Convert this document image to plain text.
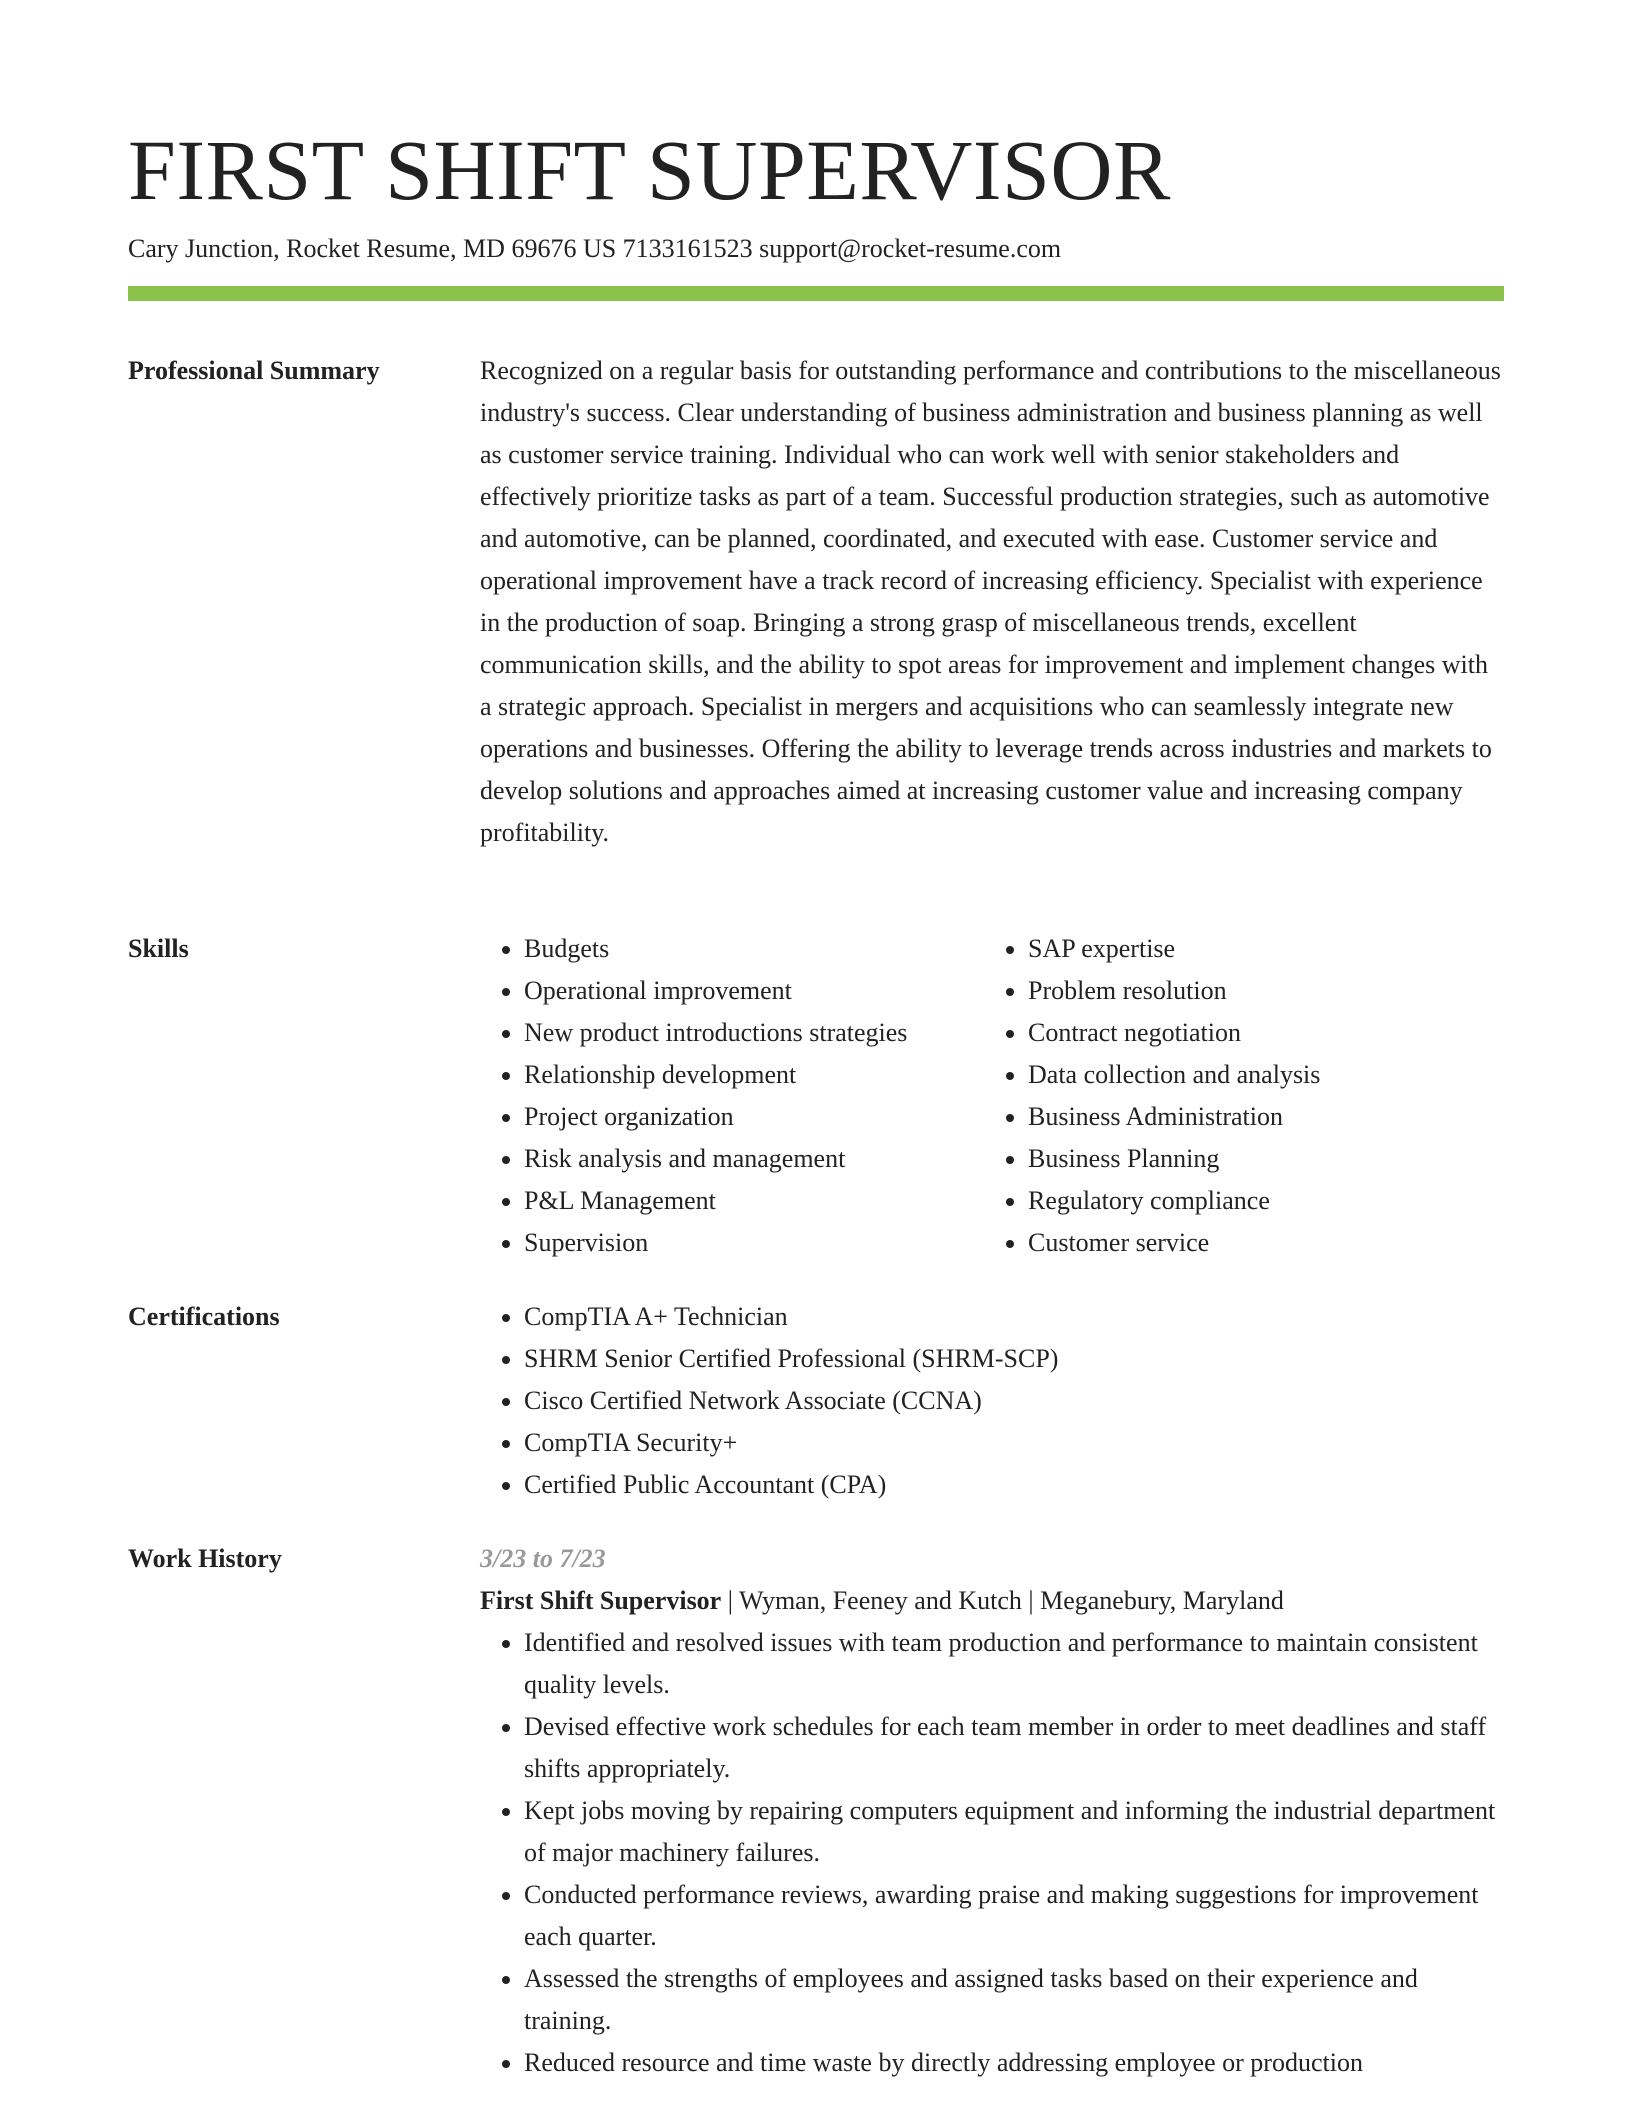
FIRST SHIFT SUPERVISOR
Cary Junction, Rocket Resume, MD 69676 US 7133161523 support@rocket-resume.com
Professional Summary	Recognized on a regular basis for outstanding performance and contributions to the miscellaneous industry's success. Clear understanding of business administration and business planning as well as customer service training. Individual who can work well with senior stakeholders and effectively prioritize tasks as part of a team. Successful production strategies, such as automotive and automotive, can be planned, coordinated, and executed with ease. Customer service and operational improvement have a track record of increasing efficiency. Specialist with experience in the production of soap. Bringing a strong grasp of miscellaneous trends, excellent communication skills, and the ability to spot areas for improvement and implement changes with a strategic approach. Specialist in mergers and acquisitions who can seamlessly integrate new operations and businesses. Offering the ability to leverage trends across industries and markets to develop solutions and approaches aimed at increasing customer value and increasing company profitability.

Skills	• Budgets
• Operational improvement
• New product introductions strategies
• Relationship development
• Project organization
• Risk analysis and management
• P&L Management
• Supervision
• SAP expertise
• Problem resolution
• Contract negotiation
• Data collection and analysis
• Business Administration
• Business Planning
• Regulatory compliance
• Customer service
Certifications	• CompTIA A+ Technician
• SHRM Senior Certified Professional (SHRM-SCP)
• Cisco Certified Network Associate (CCNA)
• CompTIA Security+
• Certified Public Accountant (CPA)
Work History	3/23 to 7/23
First Shift Supervisor | Wyman, Feeney and Kutch | Meganebury, Maryland
• Identified and resolved issues with team production and performance to maintain consistent quality levels.
• Devised effective work schedules for each team member in order to meet deadlines and staff shifts appropriately.
• Kept jobs moving by repairing computers equipment and informing the industrial department of major machinery failures.
• Conducted performance reviews, awarding praise and making suggestions for improvement each quarter.
• Assessed the strengths of employees and assigned tasks based on their experience and training.
• Reduced resource and time waste by directly addressing employee or production
